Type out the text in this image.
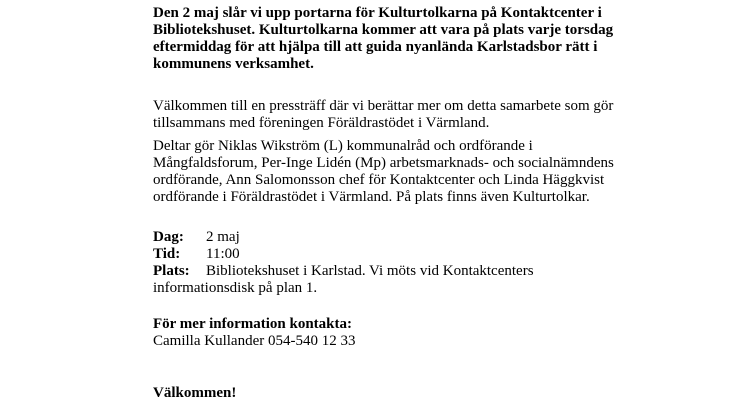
Den 2 maj slår vi upp portarna för Kulturtolkarna på Kontaktcenter i
Bibliotekshuset. Kulturtolkarna kommer att vara på plats varje torsdag
eftermiddag för att hjälpa till att guida nyanlända Karlstadsbor rätt i
kommunens verksamhet.

Välkommen till en pressträff där vi berättar mer om detta samarbete som gör
tillsammans med föreningen Föräldrastödet i Värmland.

Deltar gör Niklas Wikström (L) kommunalråd och ordförande i
Mångfaldsforum, Per-Inge Lidén (Mp) arbetsmarknads- och socialnämndens
ordförande, Ann Salomonsson chef för Kontaktcenter och Linda Häggkvist
ordförande i Föräldrastödet i Värmland. På plats finns även Kulturtolkar.

Dag: 2 maj
Tid: 11:00
Plats: Bibliotekshuset i Karlstad. Vi möts vid Kontaktcenters
informationsdisk på plan 1.
För mer information kontakta:
Camilla Kullander 054-540 12 33
Välkommen!
